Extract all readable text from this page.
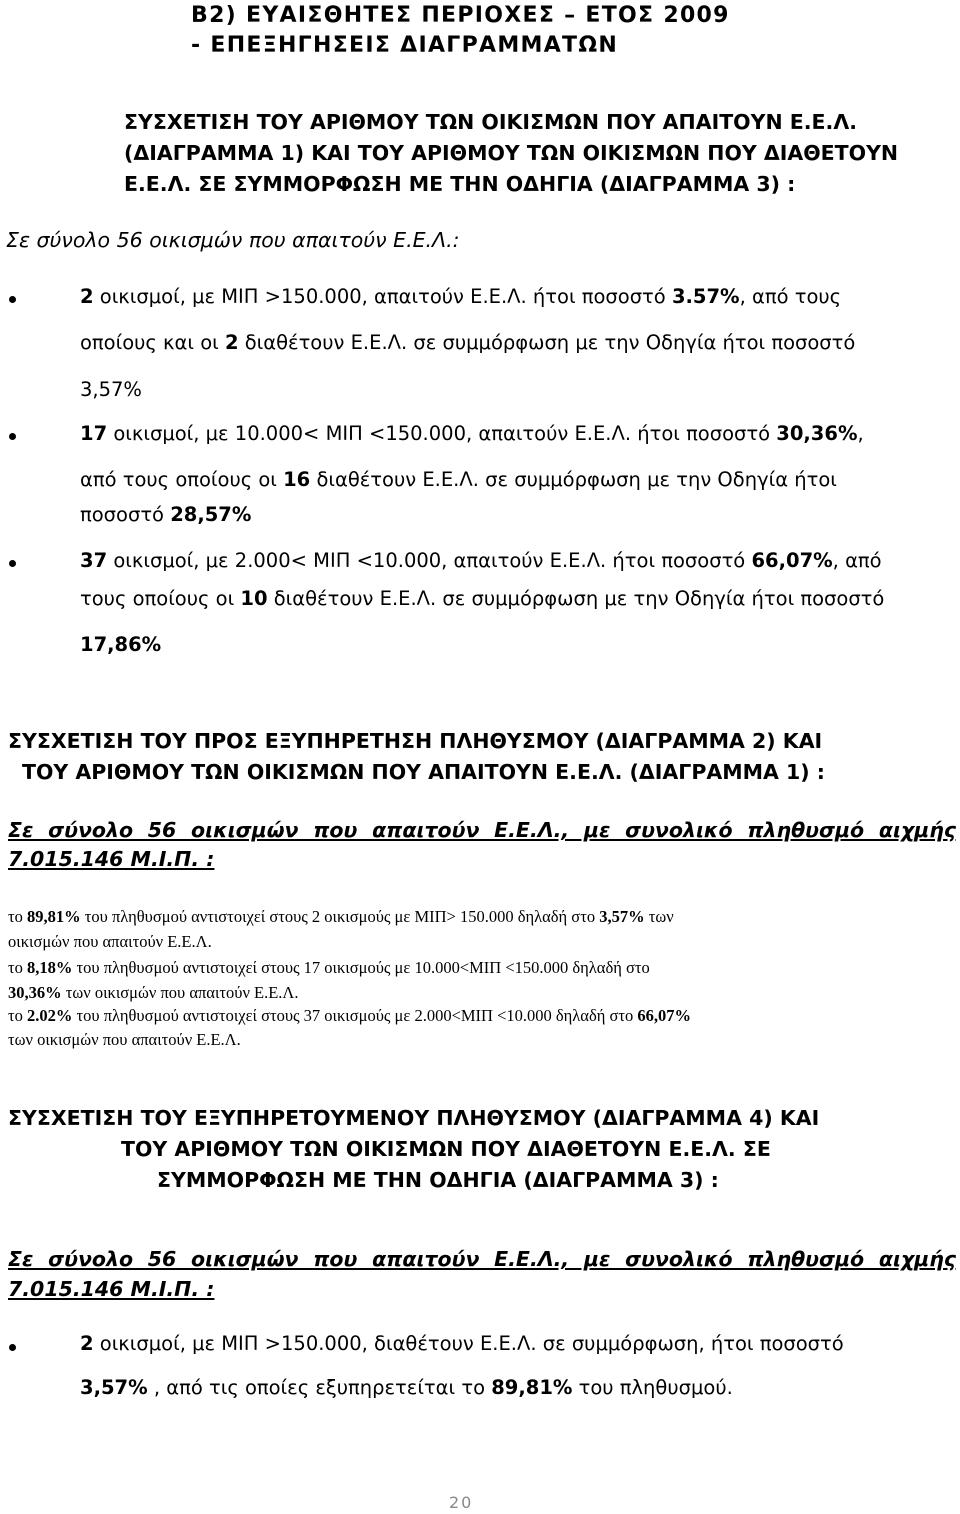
Β2) ΕΥΑΙΣΘΗΤΕΣ ΠΕΡΙΟΧΕΣ – ΕΤΟΣ 2009
- ΕΠΕΞΗΓΗΣΕΙΣ ΔΙΑΓΡΑΜΜΑΤΩΝ
ΣΥΣΧΕΤΙΣΗ ΤΟΥ ΑΡΙΘΜΟΥ ΤΩΝ ΟΙΚΙΣΜΩΝ ΠΟΥ ΑΠΑΙΤΟΥΝ Ε.Ε.Λ.
(ΔΙΑΓΡΑΜΜΑ 1) ΚΑΙ ΤΟΥ ΑΡΙΘΜΟΥ ΤΩΝ ΟΙΚΙΣΜΩΝ ΠΟΥ ΔΙΑΘΕΤΟΥΝ
Ε.Ε.Λ. ΣΕ ΣΥΜΜΟΡΦΩΣΗ ΜΕ ΤΗΝ ΟΔΗΓΙΑ (ΔΙΑΓΡΑΜΜΑ 3) :
Σε σύνολο 56 οικισμών που απαιτούν Ε.Ε.Λ.:
2 οικισμοί, με ΜΙΠ >150.000, απαιτούν Ε.Ε.Λ. ήτοι ποσοστό 3.57%, από τους
οποίους και οι 2 διαθέτουν Ε.Ε.Λ. σε συμμόρφωση με την Οδηγία ήτοι ποσοστό
3,57%
17 οικισμοί, με 10.000< ΜΙΠ <150.000, απαιτούν Ε.Ε.Λ. ήτοι ποσοστό 30,36%,
από τους οποίους οι 16 διαθέτουν Ε.Ε.Λ. σε συμμόρφωση με την Οδηγία ήτοι
ποσοστό 28,57%
37 οικισμοί, με 2.000< ΜΙΠ <10.000, απαιτούν Ε.Ε.Λ. ήτοι ποσοστό 66,07%, από
τους οποίους οι 10 διαθέτουν Ε.Ε.Λ. σε συμμόρφωση με την Οδηγία ήτοι ποσοστό
17,86%
ΣΥΣΧΕΤΙΣΗ ΤΟΥ ΠΡΟΣ ΕΞΥΠΗΡΕΤΗΣΗ ΠΛΗΘΥΣΜΟΥ (ΔΙΑΓΡΑΜΜΑ 2) ΚΑΙ
ΤΟΥ ΑΡΙΘΜΟΥ ΤΩΝ ΟΙΚΙΣΜΩΝ ΠΟΥ ΑΠΑΙΤΟΥΝ Ε.Ε.Λ. (ΔΙΑΓΡΑΜΜΑ 1) :
Σε σύνολο 56 οικισμών που απαιτούν Ε.Ε.Λ., με συνολικό πληθυσμό αιχμής
7.015.146 Μ.Ι.Π. :
το 89,81% του πληθυσμού αντιστοιχεί στους 2 οικισμούς με ΜΙΠ> 150.000 δηλαδή στο 3,57% των
οικισμών που απαιτούν Ε.Ε.Λ.
το 8,18% του πληθυσμού αντιστοιχεί στους 17 οικισμούς με 10.000<ΜΙΠ <150.000 δηλαδή στο
30,36% των οικισμών που απαιτούν Ε.Ε.Λ.
το 2.02% του πληθυσμού αντιστοιχεί στους 37 οικισμούς με 2.000<ΜΙΠ <10.000 δηλαδή στο 66,07%
των οικισμών που απαιτούν Ε.Ε.Λ.
ΣΥΣΧΕΤΙΣΗ ΤΟΥ ΕΞΥΠΗΡΕΤΟΥΜΕΝΟΥ ΠΛΗΘΥΣΜΟΥ (ΔΙΑΓΡΑΜΜΑ 4) ΚΑΙ
ΤΟΥ ΑΡΙΘΜΟΥ ΤΩΝ ΟΙΚΙΣΜΩΝ ΠΟΥ ΔΙΑΘΕΤΟΥΝ Ε.Ε.Λ. ΣΕ
ΣΥΜΜΟΡΦΩΣΗ ΜΕ ΤΗΝ ΟΔΗΓΙΑ (ΔΙΑΓΡΑΜΜΑ 3) :
Σε σύνολο 56 οικισμών που απαιτούν Ε.Ε.Λ., με συνολικό πληθυσμό αιχμής
7.015.146 Μ.Ι.Π. :
2 οικισμοί, με ΜΙΠ >150.000, διαθέτουν Ε.Ε.Λ. σε συμμόρφωση, ήτοι ποσοστό
3,57% , από τις οποίες εξυπηρετείται το 89,81% του πληθυσμού.
20
